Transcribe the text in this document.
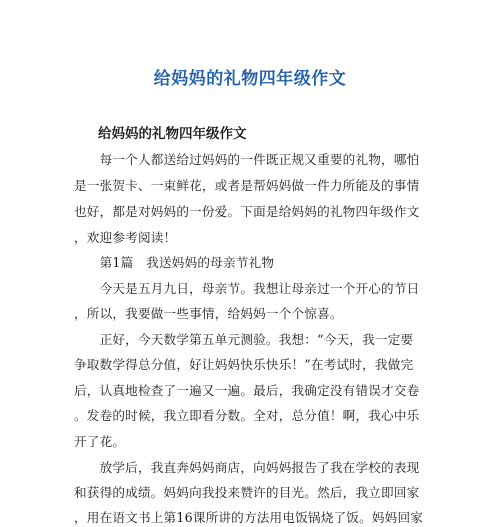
给妈妈的礼物四年级作文
给妈妈的礼物四年级作文
　　每一个人都送给过妈妈的一件既正规又重要的礼物，哪怕
是一张贺卡、一束鲜花，或者是帮妈妈做一件力所能及的事情
也好，都是对妈妈的一份爱。下面是给妈妈的礼物四年级作文
，欢迎参考阅读！
　　第1篇　我送妈妈的母亲节礼物
　　今天是五月九日，母亲节。我想让母亲过一个开心的节日
，所以，我要做一些事情，给妈妈一个个惊喜。
　　正好，今天数学第五单元测验。我想：“今天，我一定要
争取数学得总分值，好让妈妈快乐快乐！”在考试时，我做完
后，认真地检查了一遍又一遍。最后，我确定没有错误才交卷
。发卷的时候，我立即看分数。全对，总分值！啊，我心中乐
开了花。
　　放学后，我直奔妈妈商店，向妈妈报告了我在学校的表现
和获得的成绩。妈妈向我投来赞许的目光。然后，我立即回家
，用在语文书上第16课所讲的方法用电饭锅烧了饭。妈妈回家
